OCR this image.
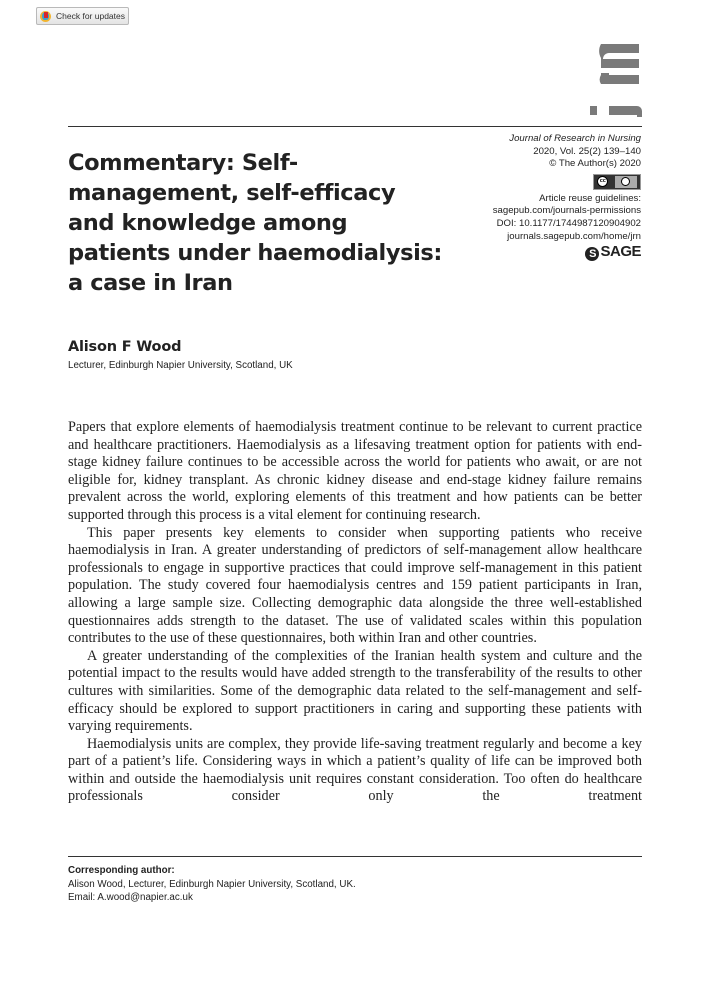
Check for updates
Commentary: Self-
management, self-efficacy
and knowledge among
patients under haemodialysis:
a case in Iran
Journal of Research in Nursing
2020, Vol. 25(2) 139–140
© The Author(s) 2020
cc
Article reuse guidelines:
sagepub.com/journals-permissions
DOI: 10.1177/1744987120904902
journals.sagepub.com/home/jrn
S SAGE
Alison F Wood
Lecturer, Edinburgh Napier University, Scotland, UK

Papers that explore elements of haemodialysis treatment continue to be relevant to current practice and healthcare practitioners. Haemodialysis as a lifesaving treatment option for patients with end-stage kidney failure continues to be accessible across the world for patients who await, or are not eligible for, kidney transplant. As chronic kidney disease and end-stage kidney failure remains prevalent across the world, exploring elements of this treatment and how patients can be better supported through this process is a vital element for continuing research.

This paper presents key elements to consider when supporting patients who receive haemodialysis in Iran. A greater understanding of predictors of self-management allow healthcare professionals to engage in supportive practices that could improve self-management in this patient population. The study covered four haemodialysis centres and 159 patient participants in Iran, allowing a large sample size. Collecting demographic data alongside the three well-established questionnaires adds strength to the dataset. The use of validated scales within this population contributes to the use of these questionnaires, both within Iran and other countries.

A greater understanding of the complexities of the Iranian health system and culture and the potential impact to the results would have added strength to the transferability of the results to other cultures with similarities. Some of the demographic data related to the self-management and self-efficacy should be explored to support practitioners in caring and supporting these patients with varying requirements.

Haemodialysis units are complex, they provide life-saving treatment regularly and become a key part of a patient’s life. Considering ways in which a patient’s quality of life can be improved both within and outside the haemodialysis unit requires constant consideration. Too often do healthcare professionals consider only the treatment

Corresponding author:
Alison Wood, Lecturer, Edinburgh Napier University, Scotland, UK.
Email: A.wood@napier.ac.uk
